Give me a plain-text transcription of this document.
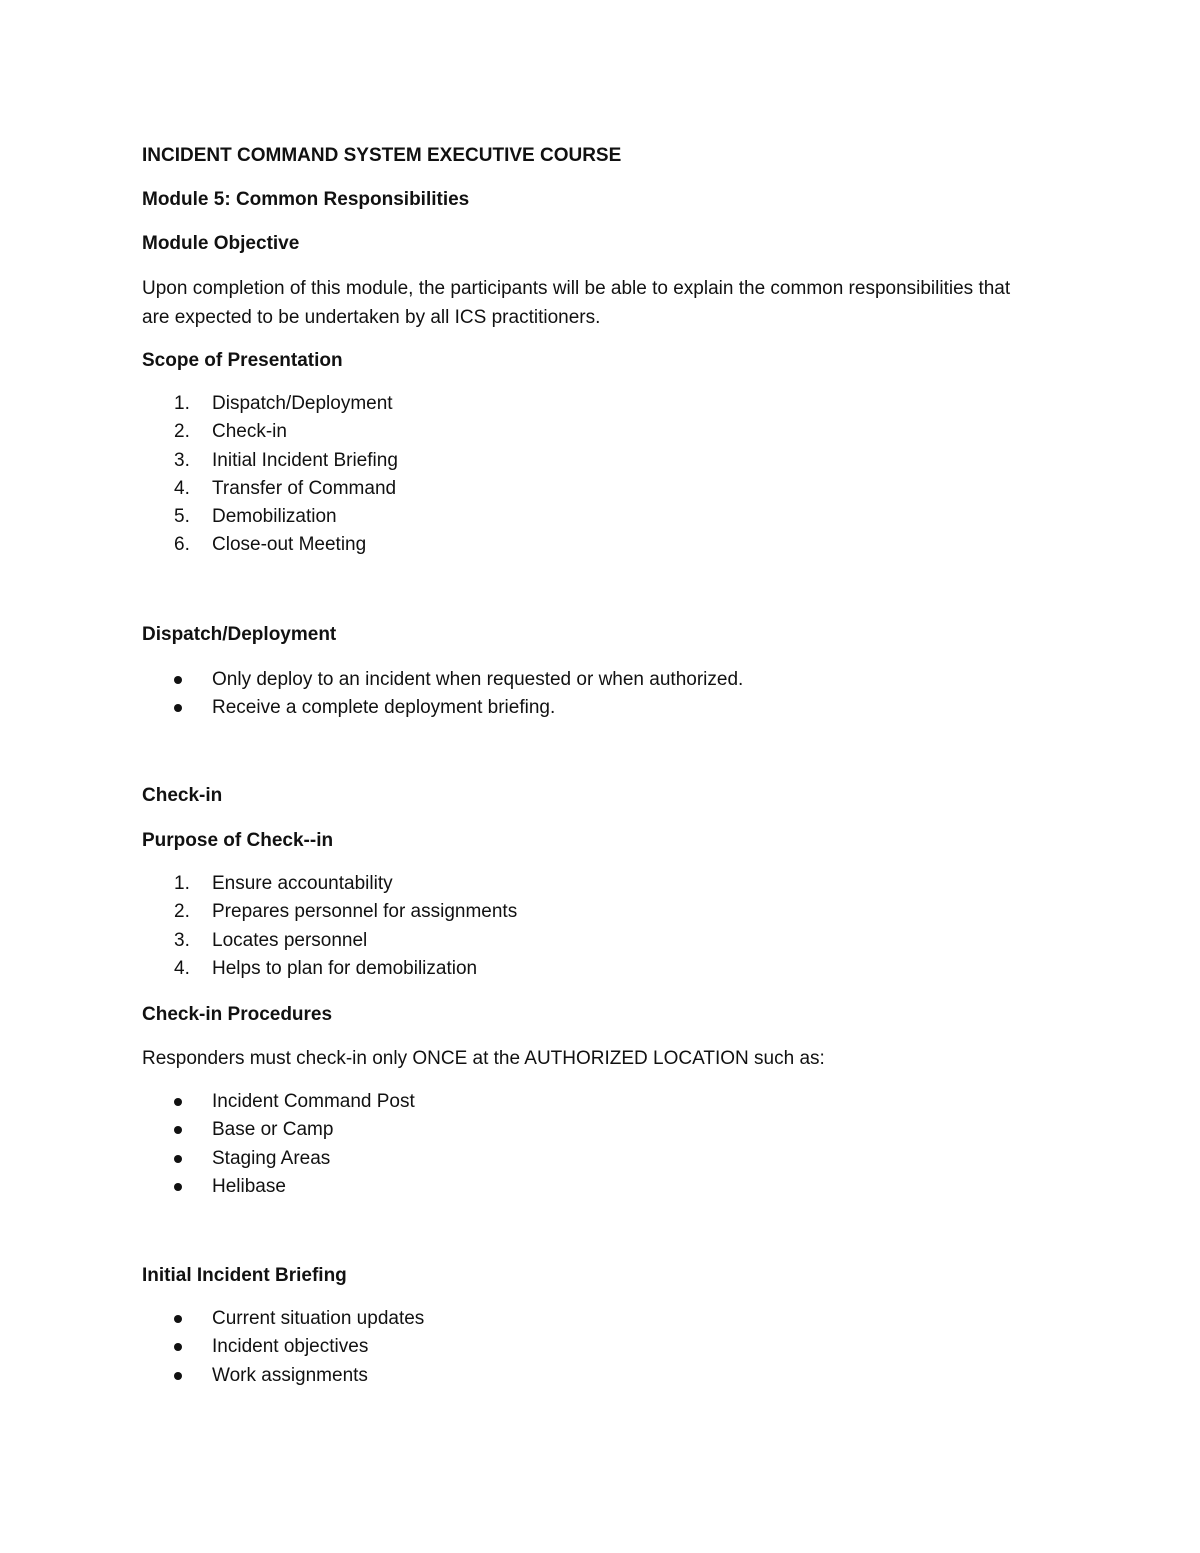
INCIDENT COMMAND SYSTEM EXECUTIVE COURSE

Module 5: Common Responsibilities

Module Objective

Upon completion of this module, the participants will be able to explain the common responsibilities that are expected to be undertaken by all ICS practitioners.

Scope of Presentation

1.	Dispatch/Deployment
2.	Check-in
3.	Initial Incident Briefing
4.	Transfer of Command
5.	Demobilization
6.	Close-out Meeting

Dispatch/Deployment

Only deploy to an incident when requested or when authorized.
Receive a complete deployment briefing.

Check-in

Purpose of Check--in

1.	Ensure accountability
2.	Prepares personnel for assignments
3.	Locates personnel
4.	Helps to plan for demobilization

Check-in Procedures

Responders must check-in only ONCE at the AUTHORIZED LOCATION such as:

Incident Command Post
Base or Camp
Staging Areas
Helibase

Initial Incident Briefing

Current situation updates
Incident objectives
Work assignments
